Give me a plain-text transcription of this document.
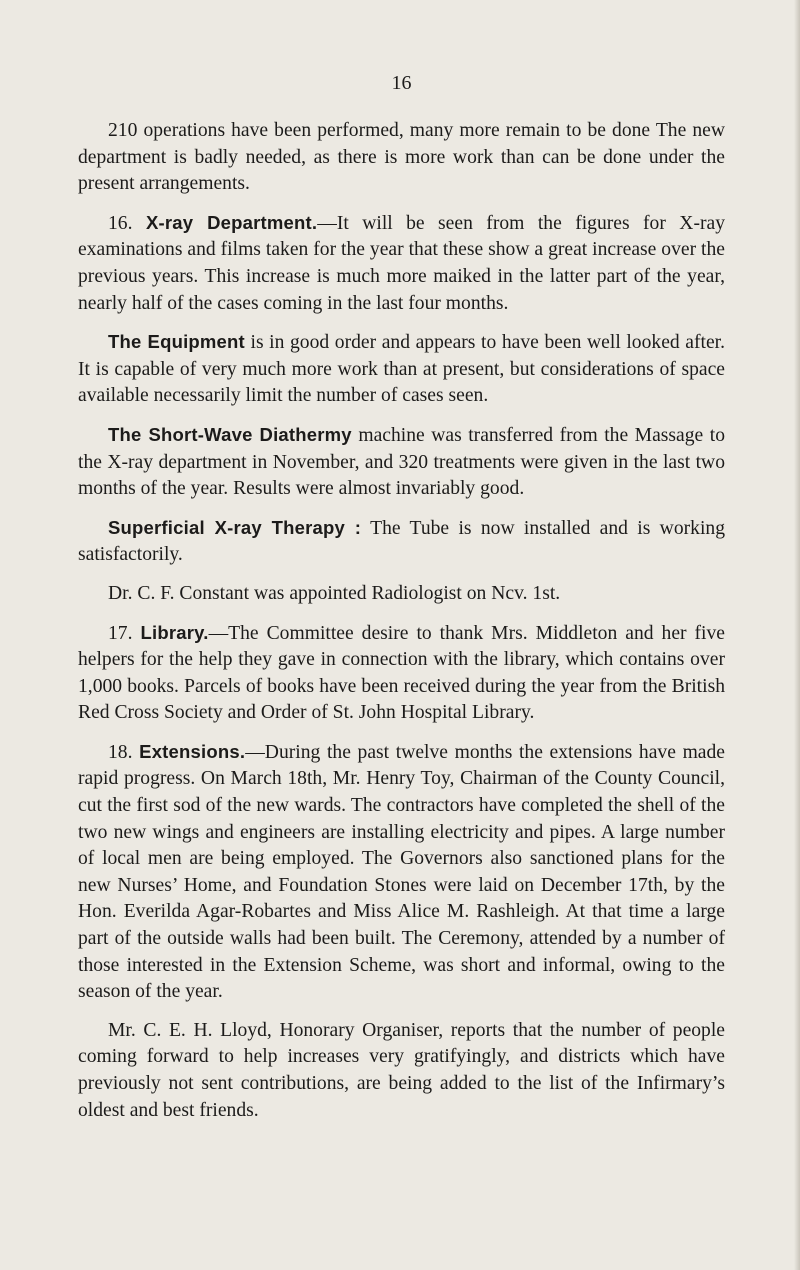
16

210 operations have been performed, many more remain to be done The new department is badly needed, as there is more work than can be done under the present arrangements.

16. X-ray Department.—It will be seen from the figures for X-ray examinations and films taken for the year that these show a great increase over the previous years. This increase is much more maiked in the latter part of the year, nearly half of the cases coming in the last four months.

The Equipment is in good order and appears to have been well looked after. It is capable of very much more work than at present, but considerations of space available necessarily limit the number of cases seen.

The Short-Wave Diathermy machine was transferred from the Massage to the X-ray department in November, and 320 treatments were given in the last two months of the year. Results were almost invariably good.

Superficial X-ray Therapy : The Tube is now installed and is working satisfactorily.

Dr. C. F. Constant was appointed Radiologist on Ncv. 1st.

17. Library.—The Committee desire to thank Mrs. Middleton and her five helpers for the help they gave in connection with the library, which contains over 1,000 books. Parcels of books have been received during the year from the British Red Cross Society and Order of St. John Hospital Library.

18. Extensions.—During the past twelve months the extensions have made rapid progress. On March 18th, Mr. Henry Toy, Chairman of the County Council, cut the first sod of the new wards. The contractors have completed the shell of the two new wings and engineers are installing electricity and pipes. A large number of local men are being employed. The Governors also sanctioned plans for the new Nurses’ Home, and Foundation Stones were laid on December 17th, by the Hon. Everilda Agar-Robartes and Miss Alice M. Rashleigh. At that time a large part of the outside walls had been built. The Ceremony, attended by a number of those interested in the Extension Scheme, was short and informal, owing to the season of the year.

Mr. C. E. H. Lloyd, Honorary Organiser, reports that the number of people coming forward to help increases very gratifyingly, and districts which have previously not sent contributions, are being added to the list of the Infirmary’s oldest and best friends.
